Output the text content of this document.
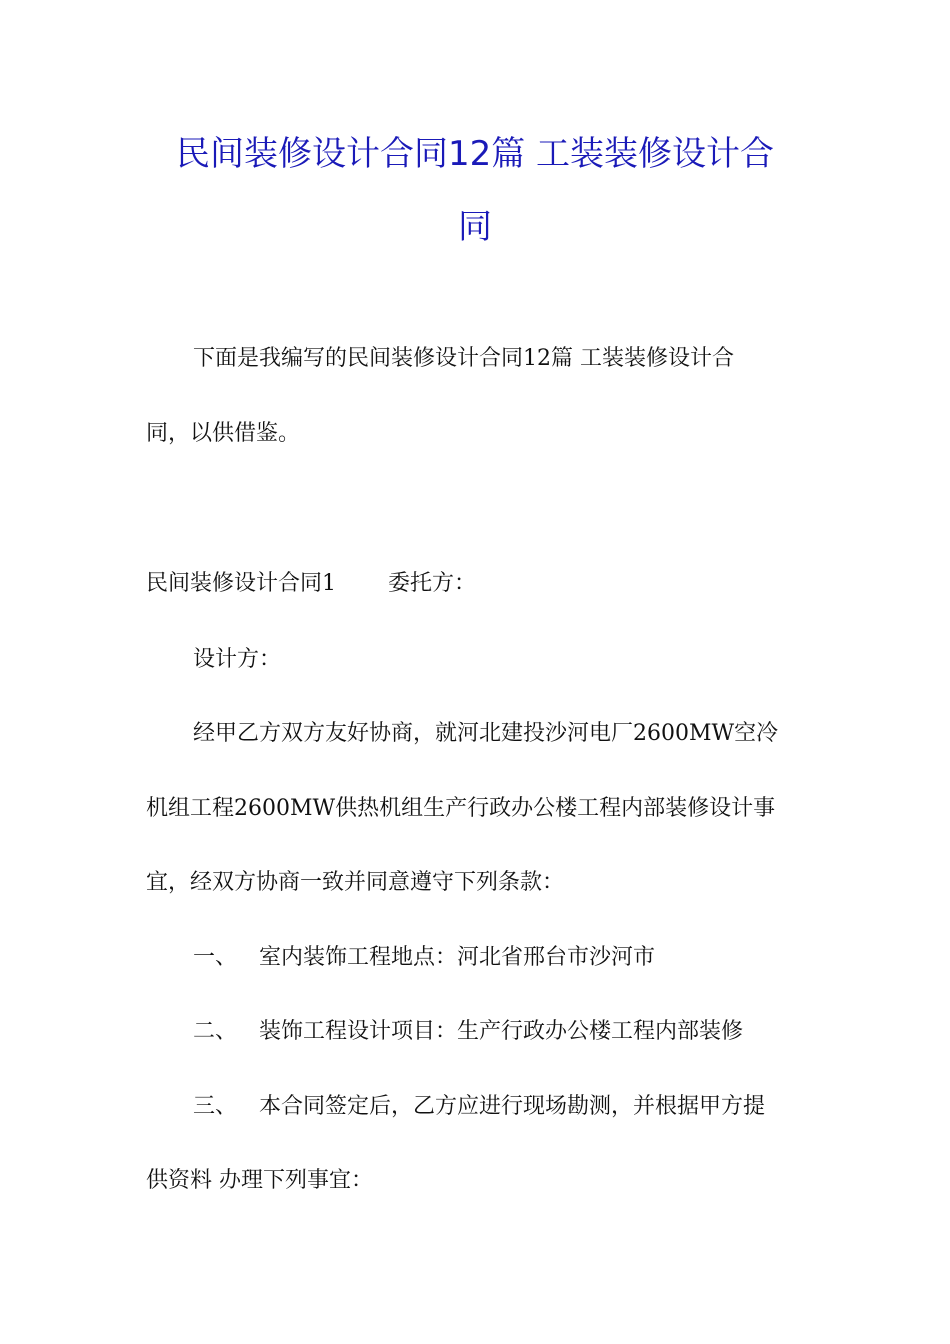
民间装修设计合同12篇 工装装修设计合
同
下面是我编写的民间装修设计合同12篇 工装装修设计合
同，以供借鉴。
民间装修设计合同1 委托方：
设计方：
经甲乙方双方友好协商，就河北建投沙河电厂2600MW空冷
机组工程2600MW供热机组生产行政办公楼工程内部装修设计事
宜，经双方协商一致并同意遵守下列条款：
一、 室内装饰工程地点：河北省邢台市沙河市
二、 装饰工程设计项目：生产行政办公楼工程内部装修
三、 本合同签定后，乙方应进行现场勘测，并根据甲方提
供资料 办理下列事宜：
